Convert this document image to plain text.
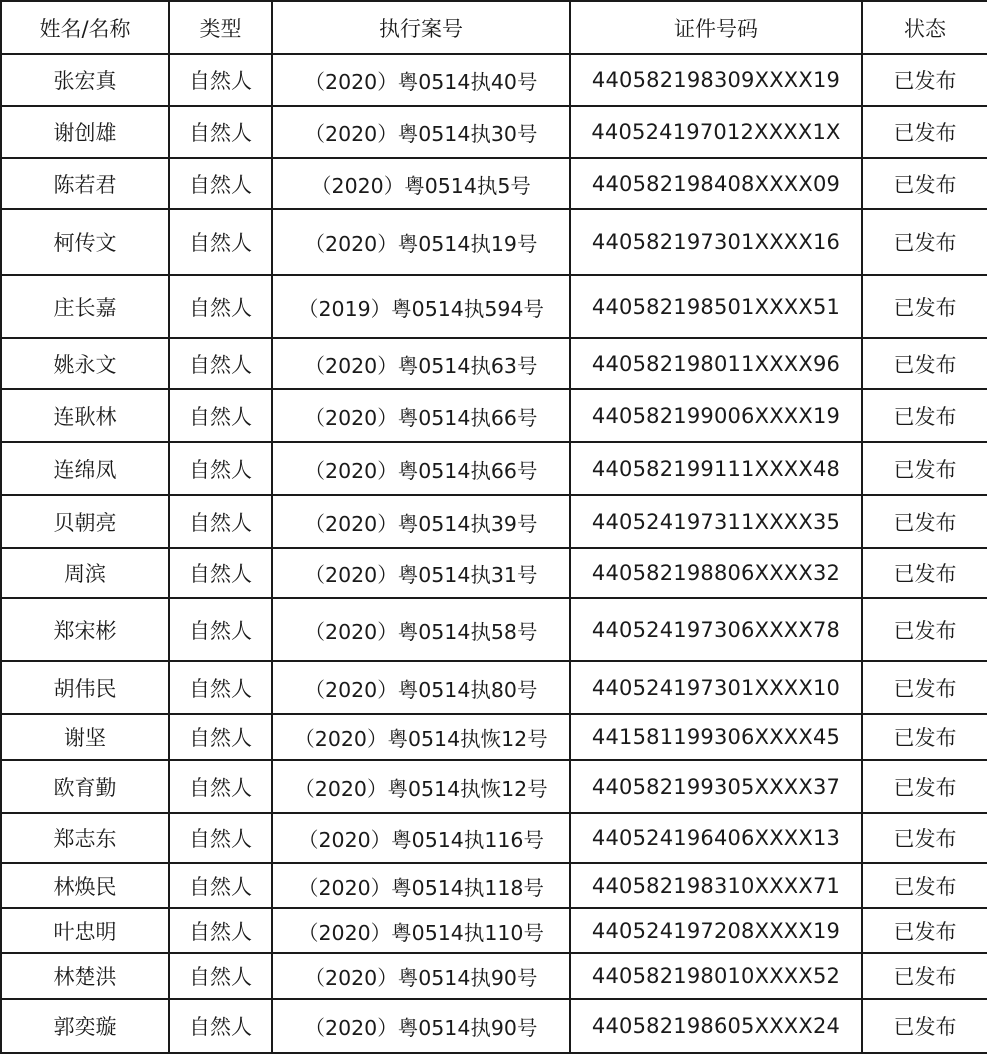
姓名/名称	类型	执行案号	证件号码	状态
张宏真	自然人	（2020）粤0514执40号	440582198309XXXX19	已发布
谢创雄	自然人	（2020）粤0514执30号	440524197012XXXX1X	已发布
陈若君	自然人	（2020）粤0514执5号	440582198408XXXX09	已发布
柯传文	自然人	（2020）粤0514执19号	440582197301XXXX16	已发布
庄长嘉	自然人	（2019）粤0514执594号	440582198501XXXX51	已发布
姚永文	自然人	（2020）粤0514执63号	440582198011XXXX96	已发布
连耿林	自然人	（2020）粤0514执66号	440582199006XXXX19	已发布
连绵凤	自然人	（2020）粤0514执66号	440582199111XXXX48	已发布
贝朝亮	自然人	（2020）粤0514执39号	440524197311XXXX35	已发布
周滨	自然人	（2020）粤0514执31号	440582198806XXXX32	已发布
郑宋彬	自然人	（2020）粤0514执58号	440524197306XXXX78	已发布
胡伟民	自然人	（2020）粤0514执80号	440524197301XXXX10	已发布
谢坚	自然人	（2020）粤0514执恢12号	441581199306XXXX45	已发布
欧育勤	自然人	（2020）粤0514执恢12号	440582199305XXXX37	已发布
郑志东	自然人	（2020）粤0514执116号	440524196406XXXX13	已发布
林焕民	自然人	（2020）粤0514执118号	440582198310XXXX71	已发布
叶忠明	自然人	（2020）粤0514执110号	440524197208XXXX19	已发布
林楚洪	自然人	（2020）粤0514执90号	440582198010XXXX52	已发布
郭奕璇	自然人	（2020）粤0514执90号	440582198605XXXX24	已发布
